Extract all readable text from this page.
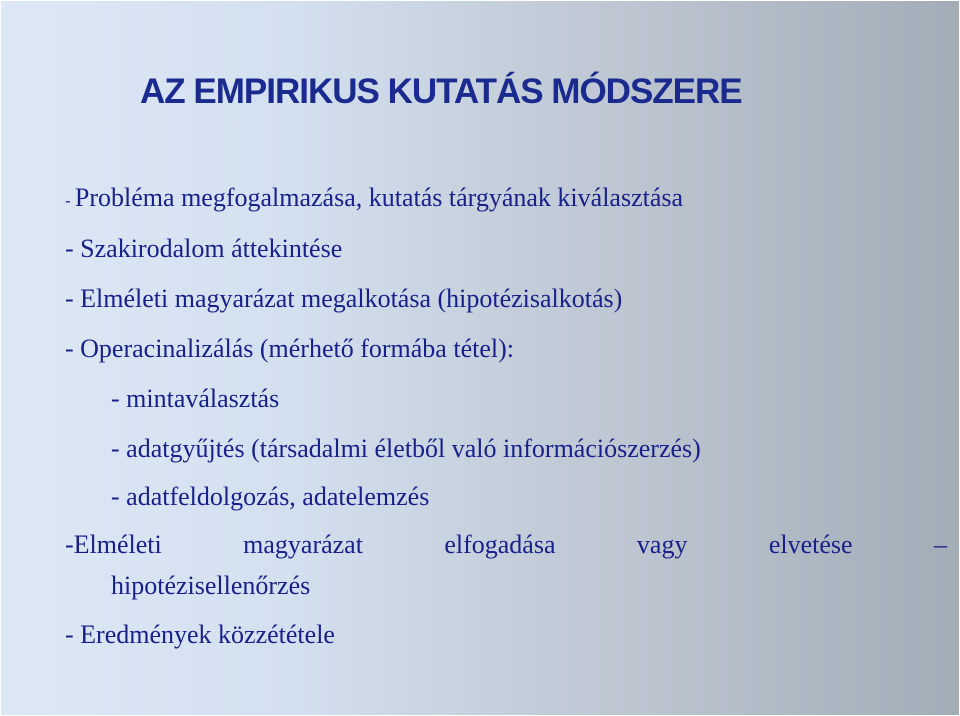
AZ EMPIRIKUS KUTATÁS MÓDSZERE
- Probléma megfogalmazása, kutatás tárgyának kiválasztása
- Szakirodalom áttekintése
- Elméleti magyarázat megalkotása (hipotézisalkotás)
- Operacinalizálás (mérhető formába tétel):
- mintaválasztás
- adatgyűjtés (társadalmi életből való információszerzés)
- adatfeldolgozás, adatelemzés
-Elméleti	magyarázat	elfogadása	vagy	elvetése	–
hipotézisellenőrzés
- Eredmények közzététele
